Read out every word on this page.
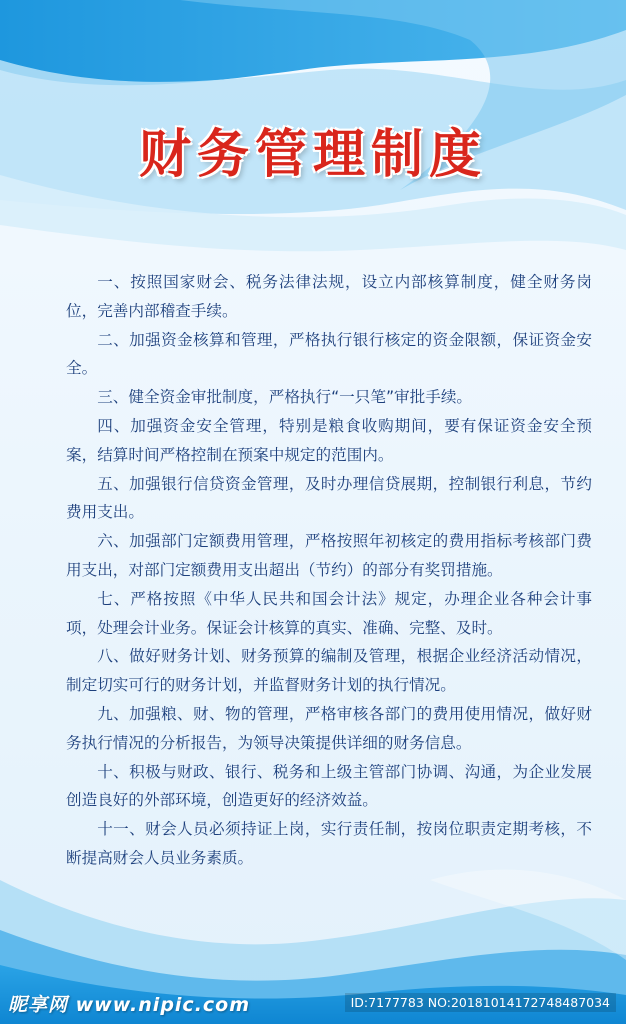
财务管理制度
一、按照国家财会、税务法律法规，设立内部核算制度，健全财务岗位，完善内部稽查手续。
二、加强资金核算和管理，严格执行银行核定的资金限额，保证资金安全。
三、健全资金审批制度，严格执行“一只笔”审批手续。
四、加强资金安全管理，特别是粮食收购期间，要有保证资金安全预案，结算时间严格控制在预案中规定的范围内。
五、加强银行信贷资金管理，及时办理信贷展期，控制银行利息，节约费用支出。
六、加强部门定额费用管理，严格按照年初核定的费用指标考核部门费用支出，对部门定额费用支出超出（节约）的部分有奖罚措施。
七、严格按照《中华人民共和国会计法》规定，办理企业各种会计事项，处理会计业务。保证会计核算的真实、准确、完整、及时。
八、做好财务计划、财务预算的编制及管理，根据企业经济活动情况，制定切实可行的财务计划，并监督财务计划的执行情况。
九、加强粮、财、物的管理，严格审核各部门的费用使用情况，做好财务执行情况的分析报告，为领导决策提供详细的财务信息。
十、积极与财政、银行、税务和上级主管部门协调、沟通，为企业发展创造良好的外部环境，创造更好的经济效益。
十一、财会人员必须持证上岗，实行责任制，按岗位职责定期考核，不断提高财会人员业务素质。
昵享网 www.nipic.com	ID:7177783 NO:20181014172748487034
